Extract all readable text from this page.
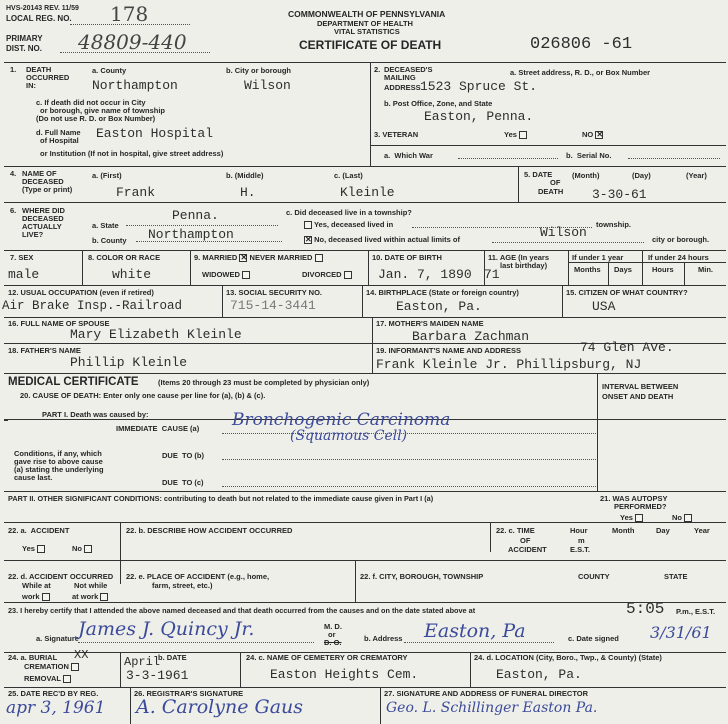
HVS-20143 REV. 11/59
LOCAL REG. NO. 178
PRIMARY
DIST. NO. 48809-440
COMMONWEALTH OF PENNSYLVANIA
DEPARTMENT OF HEALTH
VITAL STATISTICS
CERTIFICATE OF DEATH	026806 -61
1. DEATH
OCCURRED
IN:
a. County
Northampton
b. City or borough
Wilson
c. If death did not occur in City
or borough, give name of township
(Do not use R. D. or Box Number)
d. Full Name
of Hospital
or Institution (If not in hospital, give street address)
Easton Hospital
2. DECEASED'S
MAILING
ADDRESS
a. Street address, R. D., or Box Number
1523 Spruce St.
b. Post Office, Zone, and State
Easton, Penna.
3. VETERAN	Yes	NO ✕
a.  Which War	b.  Serial No.
4. NAME OF
DECEASED
(Type or print)
a. (First)
Frank
b. (Middle)
H.
c. (Last)
Kleinle
5. DATE
OF
DEATH
(Month)	(Day)	(Year)
3-30-61
6. WHERE DID
DECEASED
ACTUALLY
LIVE?
a. State
Penna.
b. County Northampton
c. Did deceased live in a township?
Yes, deceased lived in	township.
✕ No, deceased lived within actual limits of	Wilson	city or borough.
7. SEX
male
8. COLOR OR RACE
white
9. MARRIED ✕ NEVER MARRIED
WIDOWED	DIVORCED
10. DATE OF BIRTH
Jan. 7, 1890
11. AGE (In years
last birthday)
71
If under 1 year
Months Days
If under 24 hours
Hours	Min.
12. USUAL OCCUPATION (even if retired)
Air Brake Insp.-Railroad
13. SOCIAL SECURITY NO.
715-14-3441
14. BIRTHPLACE (State or foreign country)
Easton, Pa.
15. CITIZEN OF WHAT COUNTRY?
USA
16. FULL NAME OF SPOUSE
Mary Elizabeth Kleinle
17. MOTHER'S MAIDEN NAME
Barbara Zachman
18. FATHER'S NAME
Phillip Kleinle
19. INFORMANT'S NAME AND ADDRESS	74 Glen Ave.
Frank Kleinle Jr. Phillipsburg, NJ
MEDICAL CERTIFICATE	(Items 20 through 23 must be completed by physician only)
20. CAUSE OF DEATH: Enter only one cause per line for (a), (b) & (c).
INTERVAL BETWEEN
ONSET AND DEATH
PART I. Death was caused by:
IMMEDIATE  CAUSE (a) Bronchogenic Carcinoma
(Squamous Cell)
Conditions, if any, which
gave rise to above cause
(a) stating the underlying
cause last.
DUE  TO (b)
DUE  TO (c)
PART II. OTHER SIGNIFICANT CONDITIONS: contributing to death but not related to the immediate cause given in Part I (a)	21. WAS AUTOPSY
PERFORMED?
Yes	No
22. a.  ACCIDENT
Yes	No
22. b. DESCRIBE HOW ACCIDENT OCCURRED	22. c. TIME
OF
ACCIDENT
Hour
m
E.S.T.
Month	Day	Year
22. d. ACCIDENT OCCURRED
While at
work
Not while
at work
22. e. PLACE OF ACCIDENT (e.g., home,
farm, street, etc.)
22. f. CITY, BOROUGH, TOWNSHIP	COUNTY	STATE
23. I hereby certify that I attended the above named deceased and that death occurred from the causes and on the date stated above at	5:05 P.m., E.S.T.
a. Signature James J. Quincy Jr.	M. D.
or
D. O.	b. Address Easton, Pa	c. Date signed 3/31/61
24. a. BURIAL XX
CREMATION
REMOVAL
b. DATE
April
3-3-1961
24. c. NAME OF CEMETERY OR CREMATORY
Easton Heights Cem.
24. d. LOCATION (City, Boro., Twp., & County) (State)
Easton, Pa.
25. DATE REC'D BY REG.
apr 3, 1961
26. REGISTRAR'S SIGNATURE
A. Carolyne Gaus
27. SIGNATURE AND ADDRESS OF FUNERAL DIRECTOR
Geo. L. Schillinger Easton Pa.
